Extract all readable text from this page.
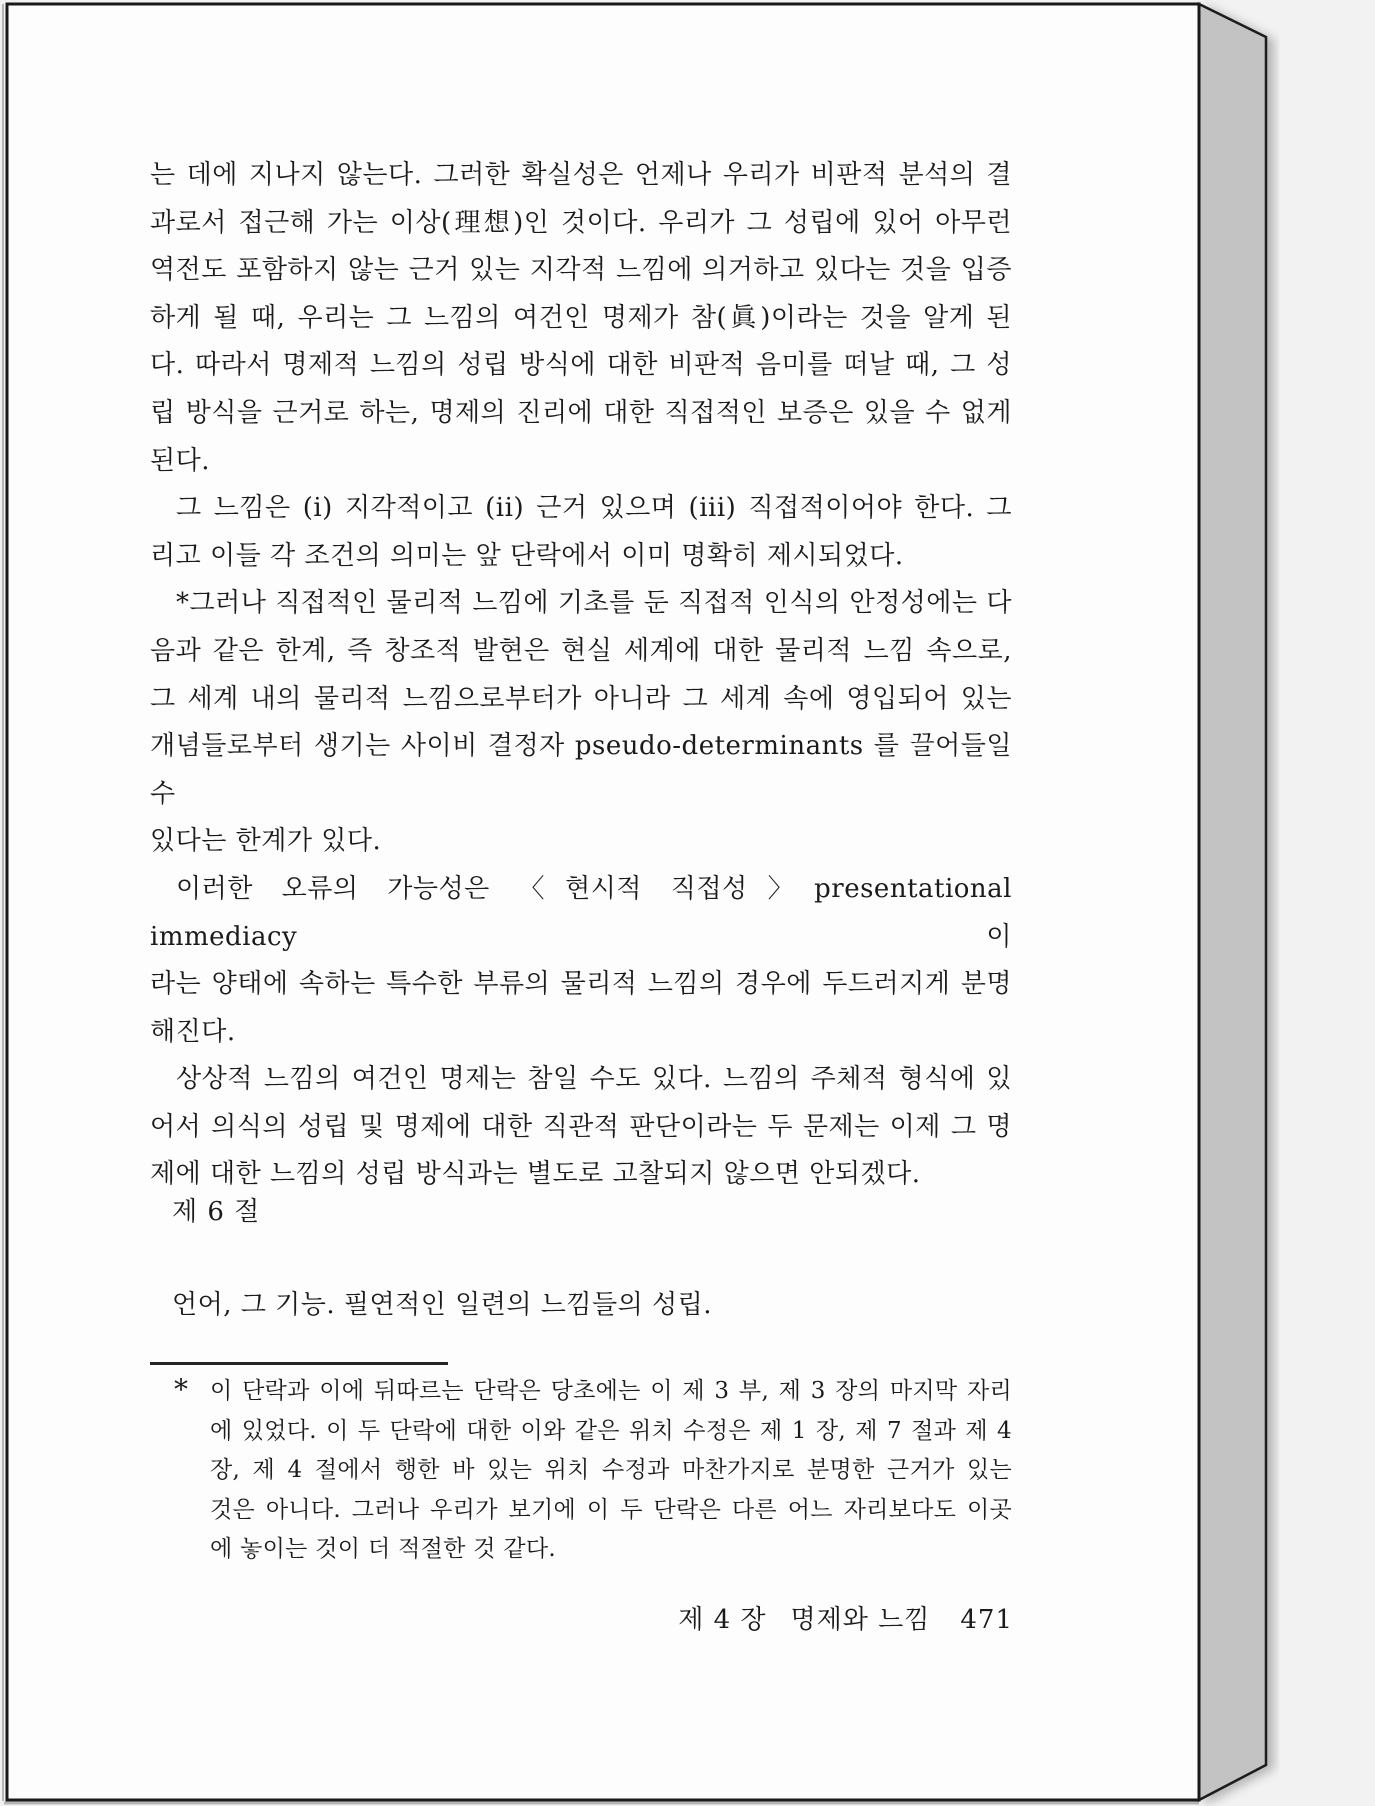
는 데에 지나지 않는다. 그러한 확실성은 언제나 우리가 비판적 분석의 결
과로서 접근해 가는 이상(理想)인 것이다. 우리가 그 성립에 있어 아무런
역전도 포함하지 않는 근거 있는 지각적 느낌에 의거하고 있다는 것을 입증
하게 될 때, 우리는 그 느낌의 여건인 명제가 참(眞)이라는 것을 알게 된
다. 따라서 명제적 느낌의 성립 방식에 대한 비판적 음미를 떠날 때, 그 성
립 방식을 근거로 하는, 명제의 진리에 대한 직접적인 보증은 있을 수 없게
된다.
그 느낌은 (i) 지각적이고 (ii) 근거 있으며 (iii) 직접적이어야 한다. 그
리고 이들 각 조건의 의미는 앞 단락에서 이미 명확히 제시되었다.
*그러나 직접적인 물리적 느낌에 기초를 둔 직접적 인식의 안정성에는 다
음과 같은 한계, 즉 창조적 발현은 현실 세계에 대한 물리적 느낌 속으로,
그 세계 내의 물리적 느낌으로부터가 아니라 그 세계 속에 영입되어 있는
개념들로부터 생기는 사이비 결정자 pseudo-determinants 를 끌어들일 수
있다는 한계가 있다.
이러한 오류의 가능성은 〈현시적 직접성〉presentational immediacy 이
라는 양태에 속하는 특수한 부류의 물리적 느낌의 경우에 두드러지게 분명
해진다.
상상적 느낌의 여건인 명제는 참일 수도 있다. 느낌의 주체적 형식에 있
어서 의식의 성립 및 명제에 대한 직관적 판단이라는 두 문제는 이제 그 명
제에 대한 느낌의 성립 방식과는 별도로 고찰되지 않으면 안되겠다.
제 6 절
언어, 그 기능. 필연적인 일련의 느낌들의 성립.
* 이 단락과 이에 뒤따르는 단락은 당초에는 이 제 3 부, 제 3 장의 마지막 자리
에 있었다. 이 두 단락에 대한 이와 같은 위치 수정은 제 1 장, 제 7 절과 제 4
장, 제 4 절에서 행한 바 있는 위치 수정과 마찬가지로 분명한 근거가 있는
것은 아니다. 그러나 우리가 보기에 이 두 단락은 다른 어느 자리보다도 이곳
에 놓이는 것이 더 적절한 것 같다.
제 4 장 명제와 느낌 471
